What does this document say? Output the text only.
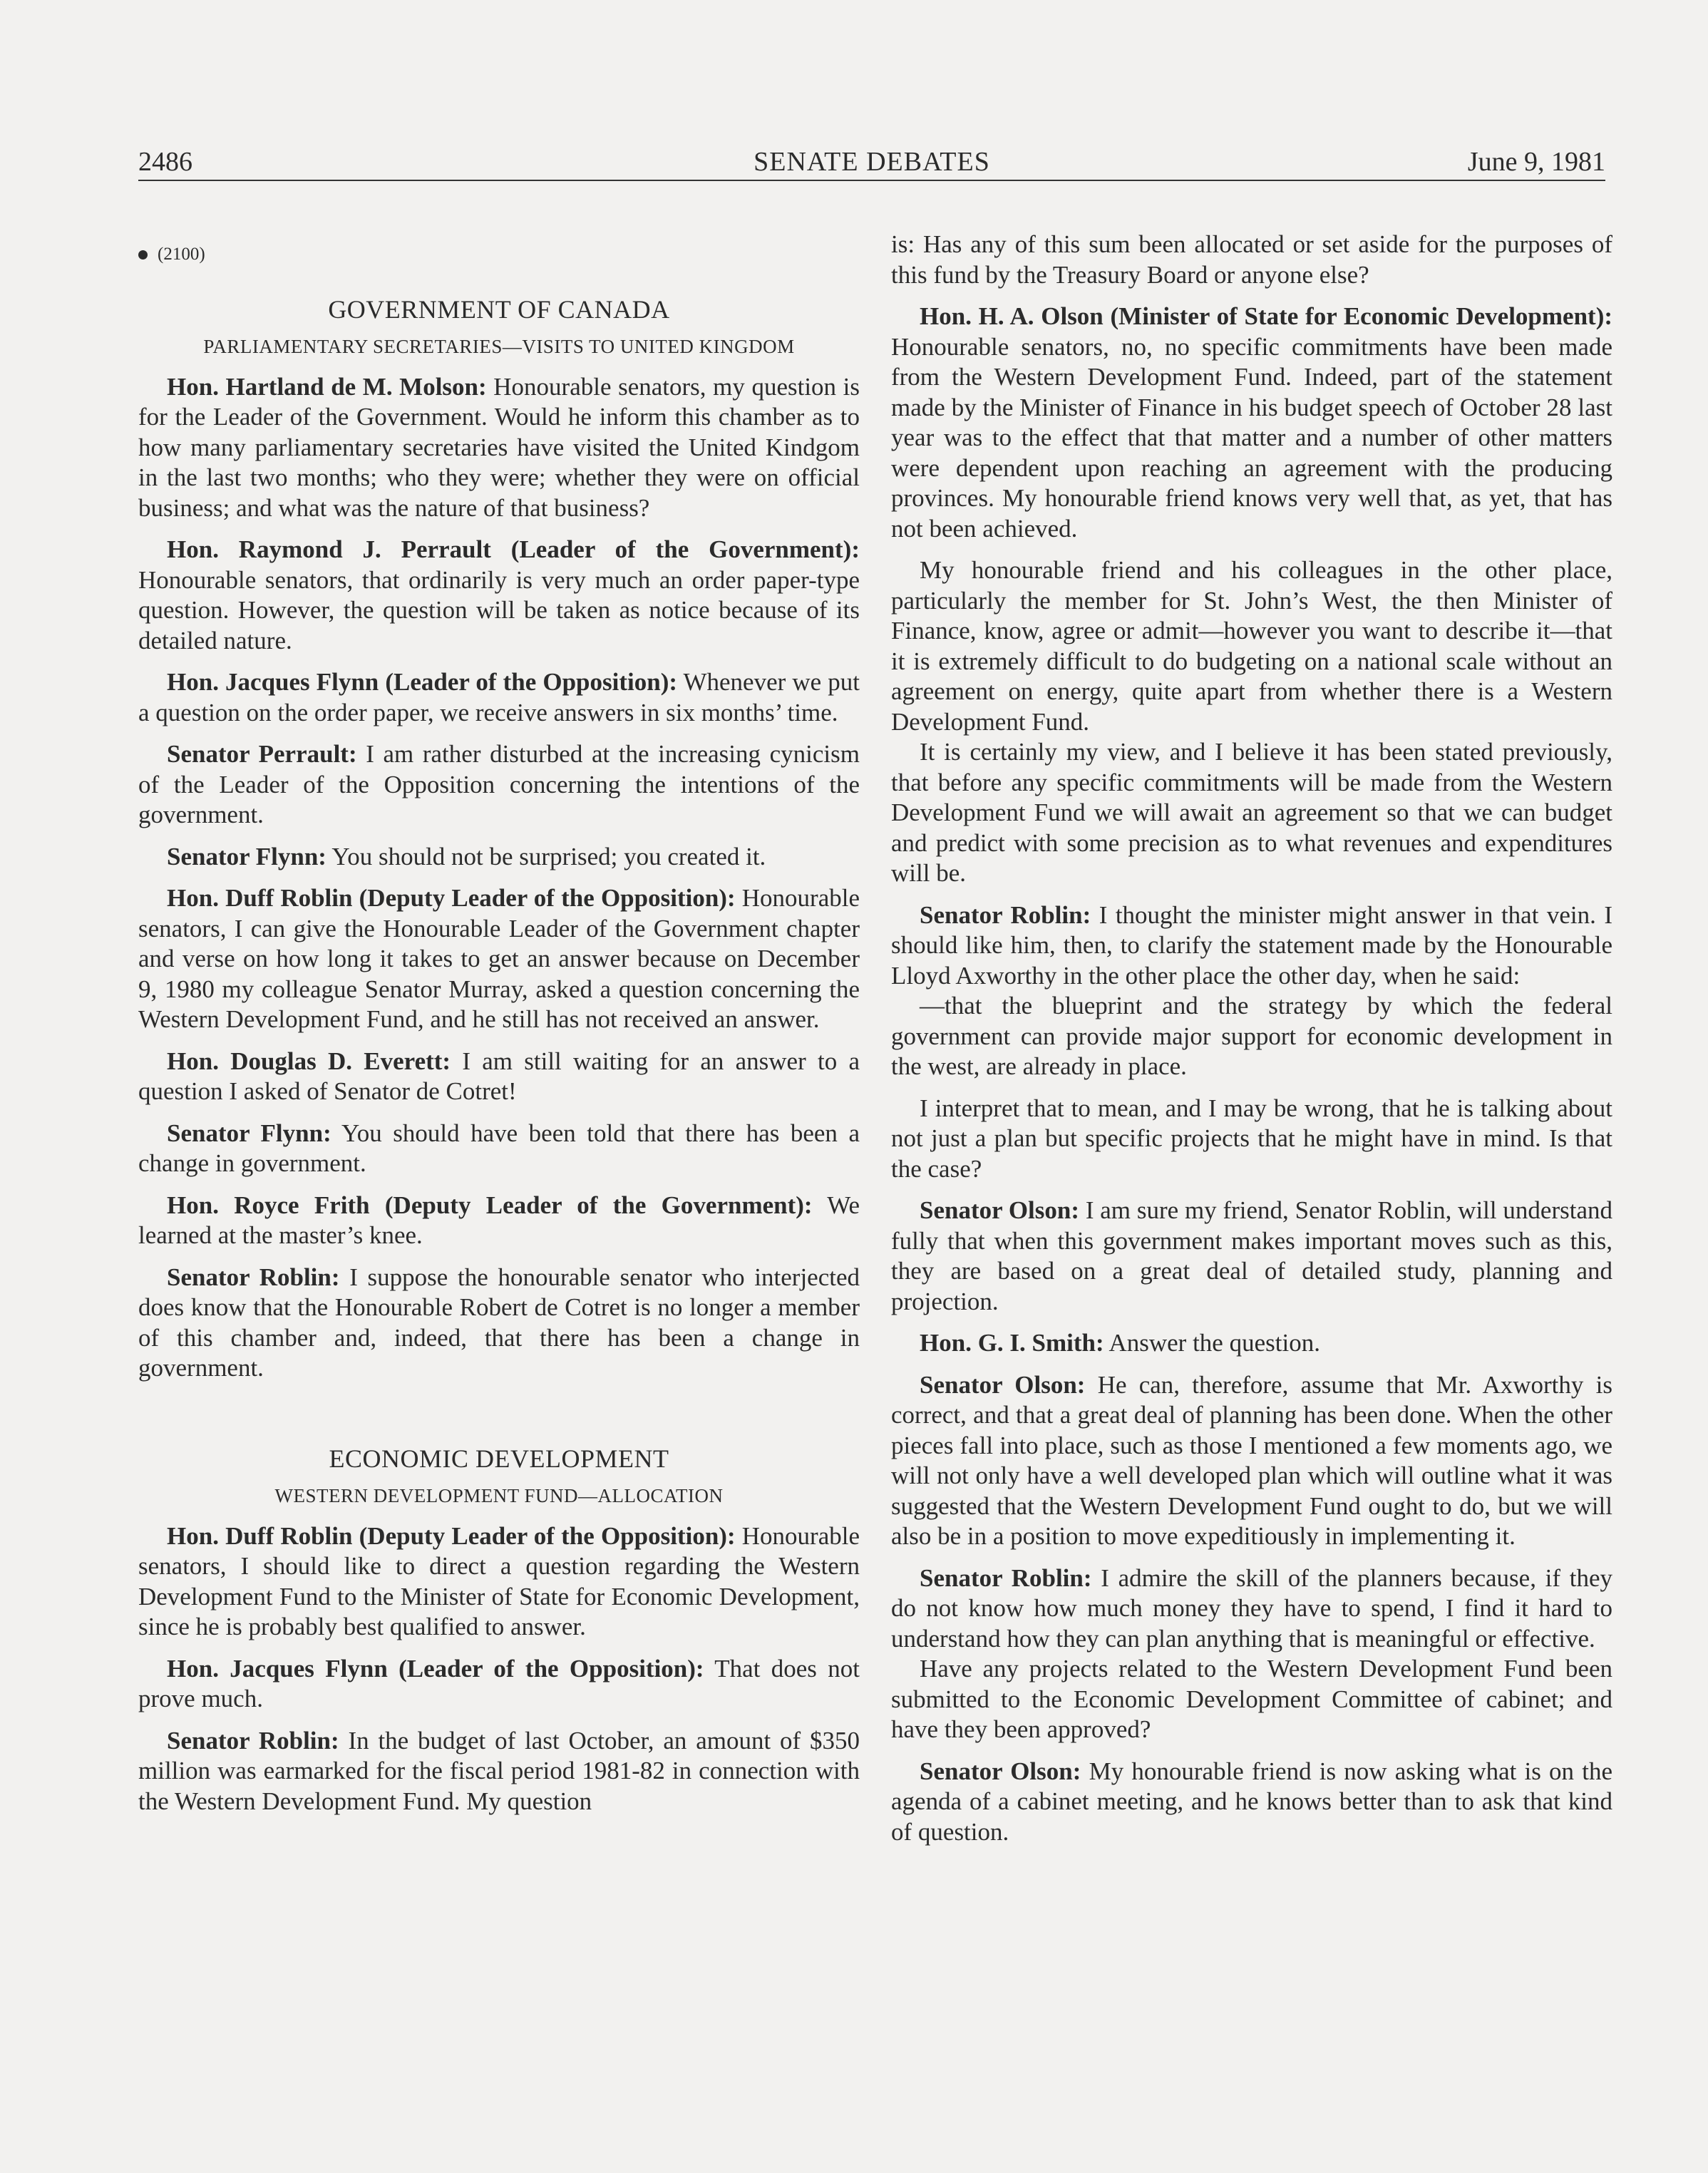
2486	SENATE DEBATES	June 9, 1981
(2100)
GOVERNMENT OF CANADA
PARLIAMENTARY SECRETARIES—VISITS TO UNITED KINGDOM

Hon. Hartland de M. Molson: Honourable senators, my question is for the Leader of the Government. Would he inform this chamber as to how many parliamentary secretaries have visited the United Kindgom in the last two months; who they were; whether they were on official business; and what was the nature of that business?

Hon. Raymond J. Perrault (Leader of the Government): Honourable senators, that ordinarily is very much an order paper-type question. However, the question will be taken as notice because of its detailed nature.

Hon. Jacques Flynn (Leader of the Opposition): Whenever we put a question on the order paper, we receive answers in six months’ time.

Senator Perrault: I am rather disturbed at the increasing cynicism of the Leader of the Opposition concerning the intentions of the government.

Senator Flynn: You should not be surprised; you created it.

Hon. Duff Roblin (Deputy Leader of the Opposition): Honourable senators, I can give the Honourable Leader of the Government chapter and verse on how long it takes to get an answer because on December 9, 1980 my colleague Senator Murray, asked a question concerning the Western Development Fund, and he still has not received an answer.

Hon. Douglas D. Everett: I am still waiting for an answer to a question I asked of Senator de Cotret!

Senator Flynn: You should have been told that there has been a change in government.

Hon. Royce Frith (Deputy Leader of the Government): We learned at the master’s knee.

Senator Roblin: I suppose the honourable senator who interjected does know that the Honourable Robert de Cotret is no longer a member of this chamber and, indeed, that there has been a change in government.

ECONOMIC DEVELOPMENT
WESTERN DEVELOPMENT FUND—ALLOCATION

Hon. Duff Roblin (Deputy Leader of the Opposition): Honourable senators, I should like to direct a question regarding the Western Development Fund to the Minister of State for Economic Development, since he is probably best qualified to answer.

Hon. Jacques Flynn (Leader of the Opposition): That does not prove much.

Senator Roblin: In the budget of last October, an amount of $350 million was earmarked for the fiscal period 1981-82 in connection with the Western Development Fund. My question

is: Has any of this sum been allocated or set aside for the purposes of this fund by the Treasury Board or anyone else?

Hon. H. A. Olson (Minister of State for Economic Development): Honourable senators, no, no specific commitments have been made from the Western Development Fund. Indeed, part of the statement made by the Minister of Finance in his budget speech of October 28 last year was to the effect that that matter and a number of other matters were dependent upon reaching an agreement with the producing provinces. My honourable friend knows very well that, as yet, that has not been achieved.

My honourable friend and his colleagues in the other place, particularly the member for St. John’s West, the then Minister of Finance, know, agree or admit—however you want to describe it—that it is extremely difficult to do budgeting on a national scale without an agreement on energy, quite apart from whether there is a Western Development Fund.

It is certainly my view, and I believe it has been stated previously, that before any specific commitments will be made from the Western Development Fund we will await an agreement so that we can budget and predict with some precision as to what revenues and expenditures will be.

Senator Roblin: I thought the minister might answer in that vein. I should like him, then, to clarify the statement made by the Honourable Lloyd Axworthy in the other place the other day, when he said:

—that the blueprint and the strategy by which the federal government can provide major support for economic development in the west, are already in place.

I interpret that to mean, and I may be wrong, that he is talking about not just a plan but specific projects that he might have in mind. Is that the case?

Senator Olson: I am sure my friend, Senator Roblin, will understand fully that when this government makes important moves such as this, they are based on a great deal of detailed study, planning and projection.

Hon. G. I. Smith: Answer the question.

Senator Olson: He can, therefore, assume that Mr. Axworthy is correct, and that a great deal of planning has been done. When the other pieces fall into place, such as those I mentioned a few moments ago, we will not only have a well developed plan which will outline what it was suggested that the Western Development Fund ought to do, but we will also be in a position to move expeditiously in implementing it.

Senator Roblin: I admire the skill of the planners because, if they do not know how much money they have to spend, I find it hard to understand how they can plan anything that is meaningful or effective.

Have any projects related to the Western Development Fund been submitted to the Economic Development Committee of cabinet; and have they been approved?

Senator Olson: My honourable friend is now asking what is on the agenda of a cabinet meeting, and he knows better than to ask that kind of question.
